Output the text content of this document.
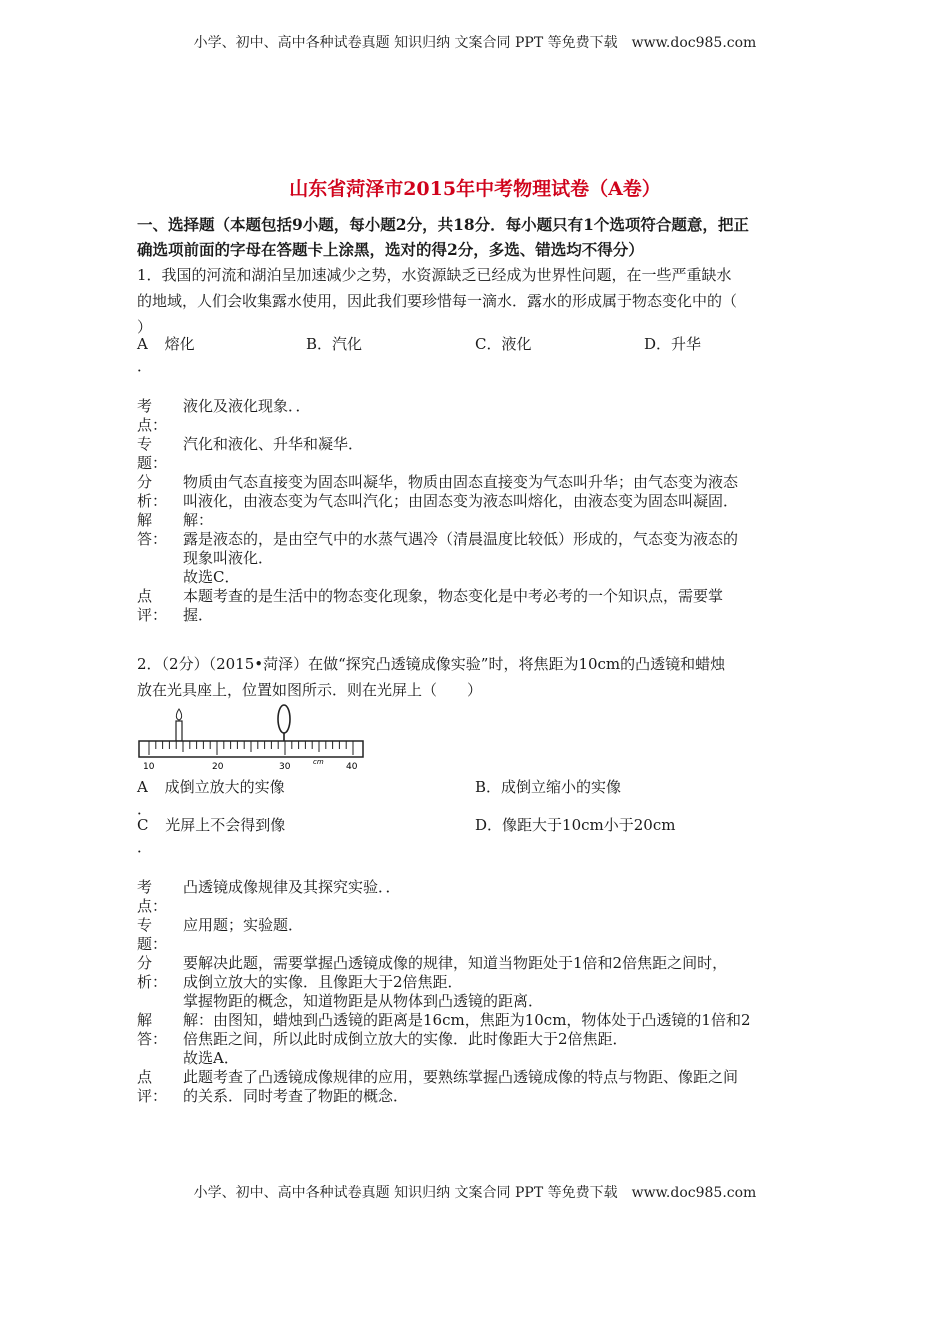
小学、初中、高中各种试卷真题 知识归纳 文案合同 PPT 等免费下载　www.doc985.com
山东省菏泽市2015年中考物理试卷（A卷）
一、选择题（本题包括9小题，每小题2分，共18分．每小题只有1个选项符合题意，把正
确选项前面的字母在答题卡上涂黑，选对的得2分，多选、错选均不得分）
1．我国的河流和湖泊呈加速减少之势，水资源缺乏已经成为世界性问题，在一些严重缺水
的地域，人们会收集露水使用，因此我们要珍惜每一滴水．露水的形成属于物态变化中的（
）
A 熔化
．
B．汽化	C．液化	D．升华
考
点：
液化及液化现象．．
专
题：
汽化和液化、升华和凝华．
分
析：
物质由气态直接变为固态叫凝华，物质由固态直接变为气态叫升华；由气态变为液态
叫液化，由液态变为气态叫汽化；由固态变为液态叫熔化，由液态变为固态叫凝固．
解
答：
解：
露是液态的，是由空气中的水蒸气遇冷（清晨温度比较低）形成的，气态变为液态的
现象叫液化．
故选C．
点
评：
本题考查的是生活中的物态变化现象，物态变化是中考必考的一个知识点，需要掌
握．
2．（2分）（2015•菏泽）在做“探究凸透镜成像实验”时，将焦距为10cm的凸透镜和蜡烛
放在光具座上，位置如图所示．则在光屏上（　　）
10	20	30	cm 40
A 成倒立放大的实像
．
B．成倒立缩小的实像
C 光屏上不会得到像
．
D．像距大于10cm小于20cm
考
点：
凸透镜成像规律及其探究实验．．
专
题：
应用题；实验题．
分
析：
要解决此题，需要掌握凸透镜成像的规律，知道当物距处于1倍和2倍焦距之间时，
成倒立放大的实像．且像距大于2倍焦距．
掌握物距的概念，知道物距是从物体到凸透镜的距离．
解
答：
解：由图知，蜡烛到凸透镜的距离是16cm，焦距为10cm，物体处于凸透镜的1倍和2
倍焦距之间，所以此时成倒立放大的实像．此时像距大于2倍焦距．
故选A．
点
评：
此题考查了凸透镜成像规律的应用，要熟练掌握凸透镜成像的特点与物距、像距之间
的关系．同时考查了物距的概念．
小学、初中、高中各种试卷真题 知识归纳 文案合同 PPT 等免费下载　www.doc985.com
